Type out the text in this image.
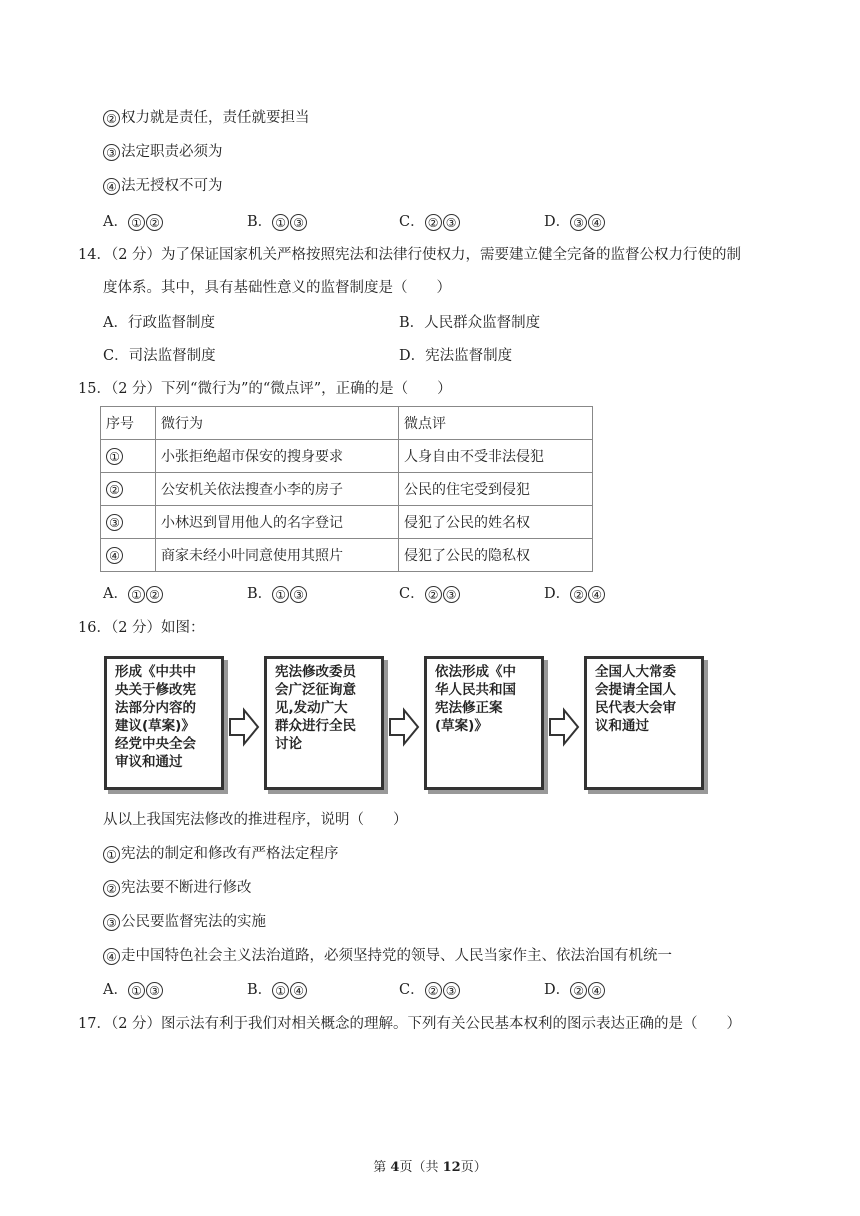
② 权力就是责任，责任就要担当
③ 法定职责必须为
④ 法无授权不可为
A． ① ②	B． ① ③	C． ② ③	D． ③ ④
14．（2 分）为了保证国家机关严格按照宪法和法律行使权力，需要建立健全完备的监督公权力行使的制
度体系。其中，具有基础性意义的监督制度是（　　）
A．行政监督制度	B．人民群众监督制度
C．司法监督制度	D．宪法监督制度
15．（2 分）下列“微行为”的“微点评”，正确的是（　　）
序号	微行为	微点评
①	小张拒绝超市保安的搜身要求	人身自由不受非法侵犯
②	公安机关依法搜查小李的房子	公民的住宅受到侵犯
③	小林迟到冒用他人的名字登记	侵犯了公民的姓名权
④	商家未经小叶同意使用其照片	侵犯了公民的隐私权
A． ① ②	B． ① ③	C． ② ③	D． ② ④
16．（2 分）如图：
形成《中共中
央关于修改宪
法部分内容的
建议(草案)》
经党中央全会
审议和通过
宪法修改委员
会广泛征询意
见,发动广大
群众进行全民
讨论
依法形成《中
华人民共和国
宪法修正案
(草案)》
全国人大常委
会提请全国人
民代表大会审
议和通过
从以上我国宪法修改的推进程序，说明（　　）
① 宪法的制定和修改有严格法定程序
② 宪法要不断进行修改
③ 公民要监督宪法的实施
④ 走中国特色社会主义法治道路，必须坚持党的领导、人民当家作主、依法治国有机统一
A． ① ③	B． ① ④	C． ② ③	D． ② ④
17．（2 分）图示法有利于我们对相关概念的理解。下列有关公民基本权利的图示表达正确的是（　　）
第 4页（共 12页）
